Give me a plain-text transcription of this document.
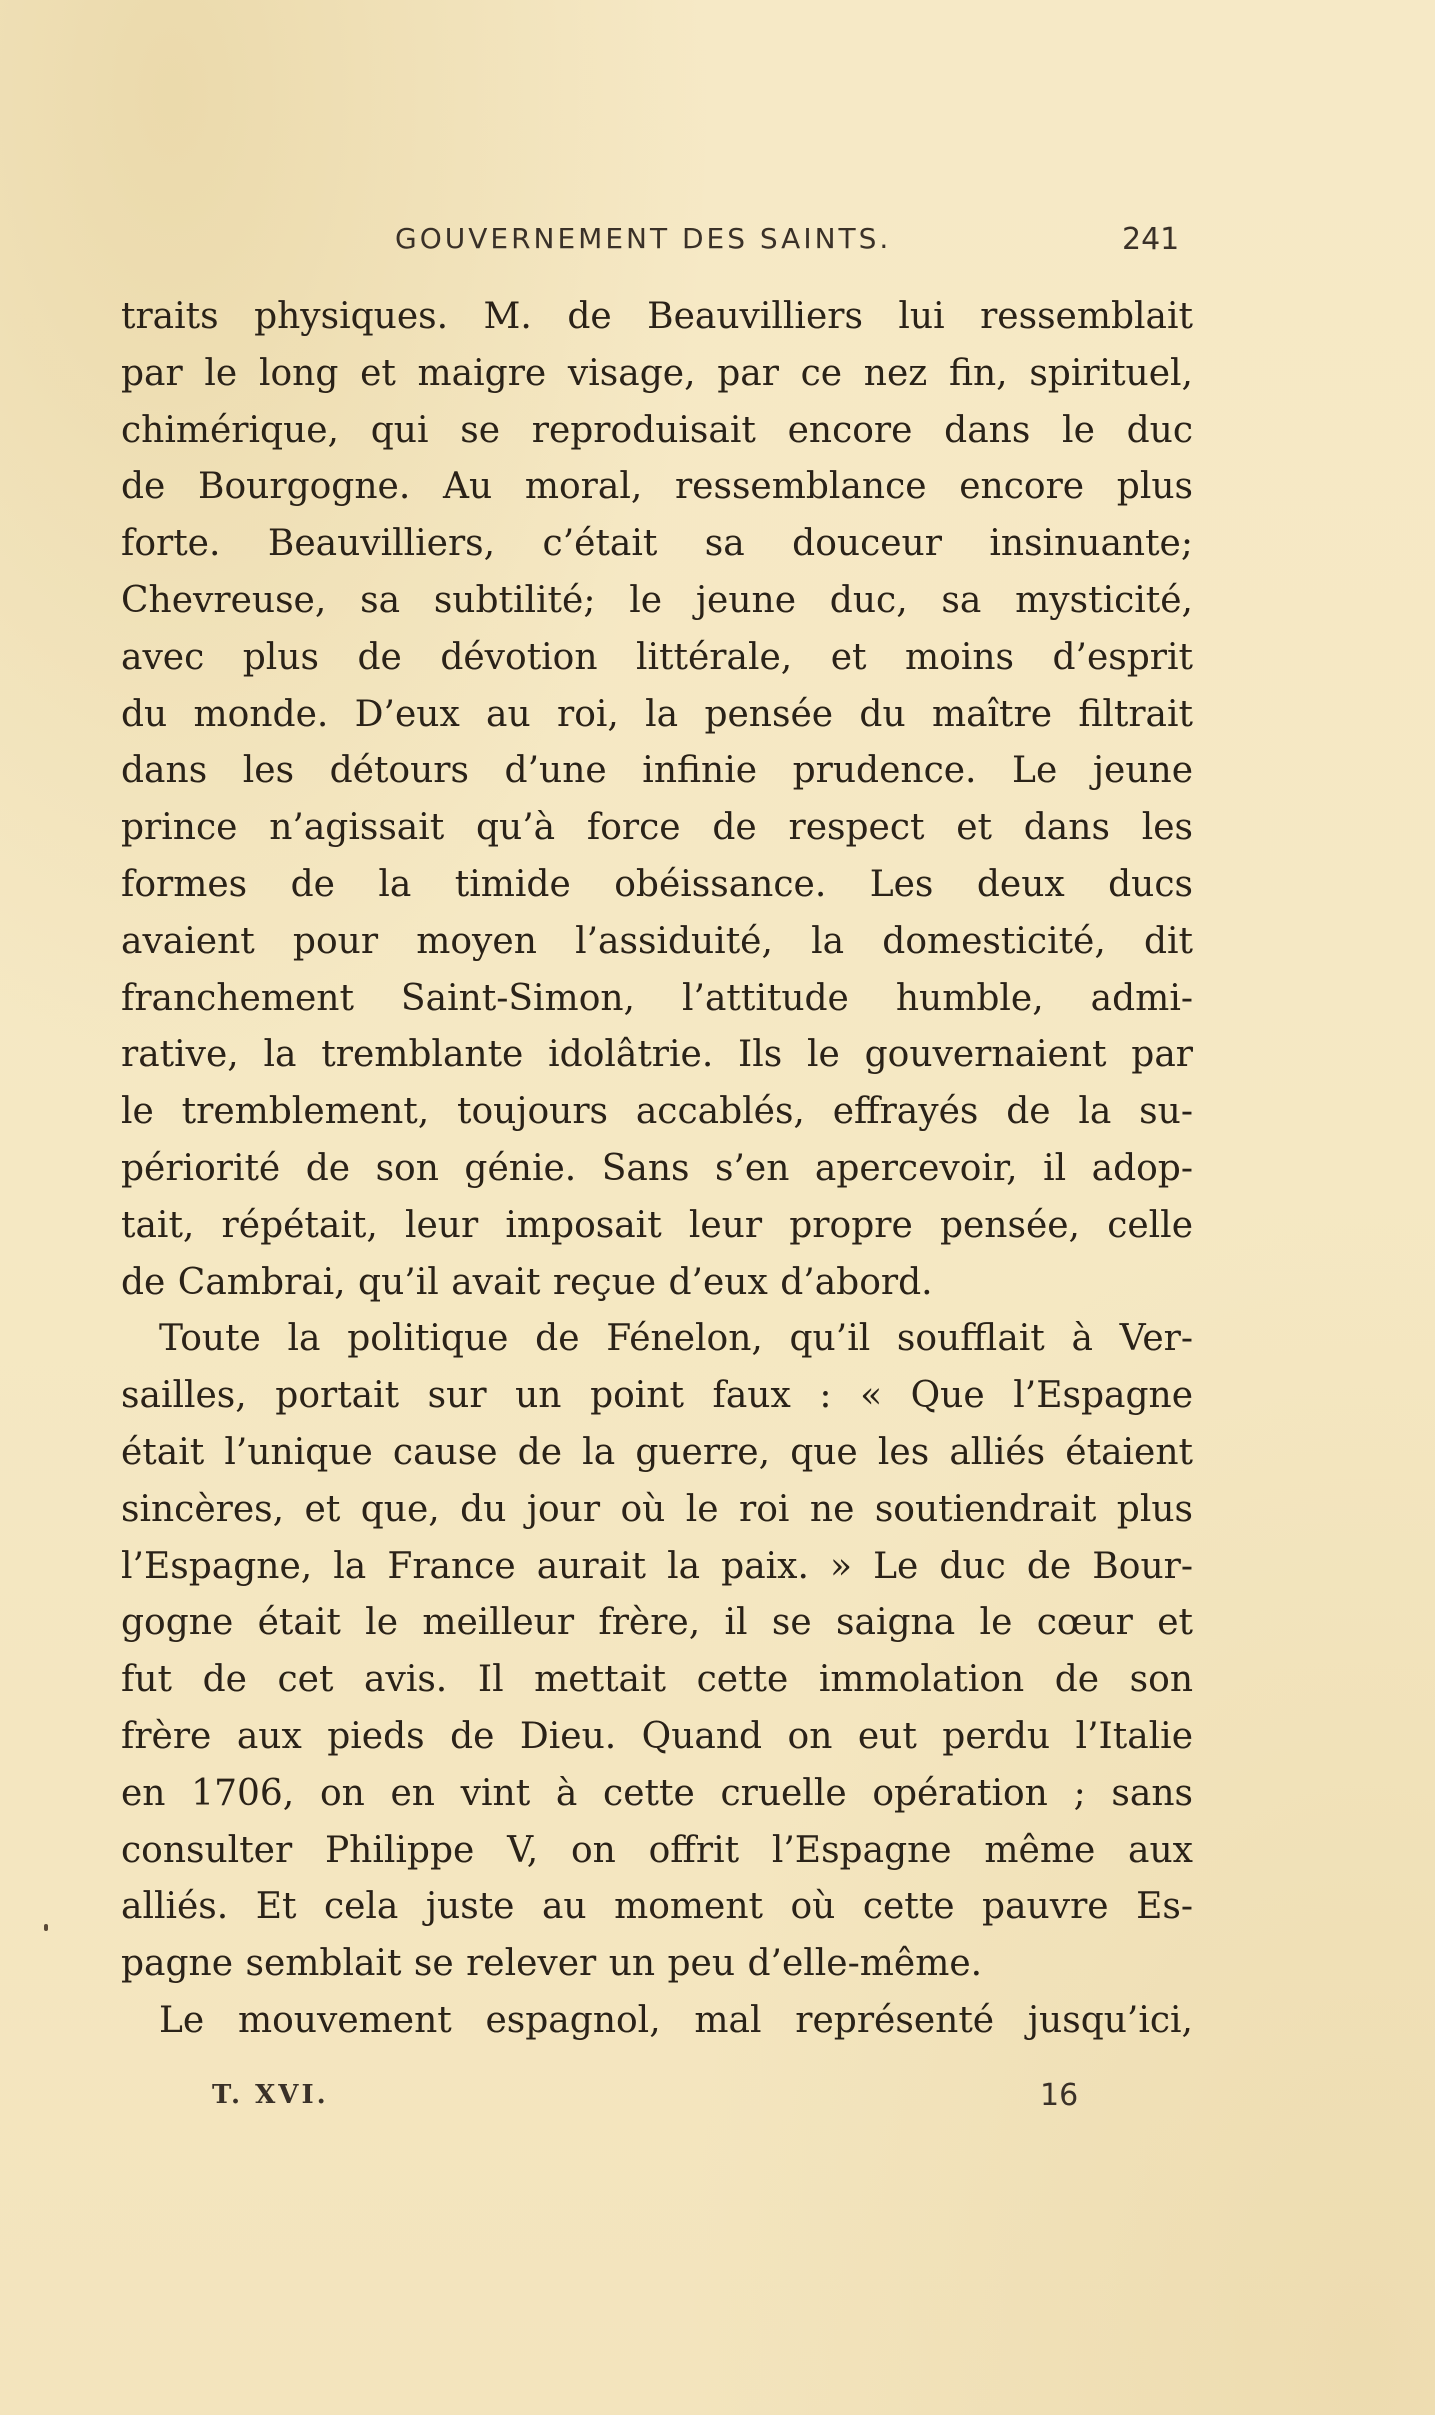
GOUVERNEMENT DES SAINTS.	241
traits physiques. M. de Beauvilliers lui ressemblait
par le long et maigre visage, par ce nez fin, spirituel,
chimérique, qui se reproduisait encore dans le duc
de Bourgogne. Au moral, ressemblance encore plus
forte. Beauvilliers, c’était sa douceur insinuante;
Chevreuse, sa subtilité; le jeune duc, sa mysticité,
avec plus de dévotion littérale, et moins d’esprit
du monde. D’eux au roi, la pensée du maître filtrait
dans les détours d’une infinie prudence. Le jeune
prince n’agissait qu’à force de respect et dans les
formes de la timide obéissance. Les deux ducs
avaient pour moyen l’assiduité, la domesticité, dit
franchement Saint-Simon, l’attitude humble, admi-
rative, la tremblante idolâtrie. Ils le gouvernaient par
le tremblement, toujours accablés, effrayés de la su-
périorité de son génie. Sans s’en apercevoir, il adop-
tait, répétait, leur imposait leur propre pensée, celle
de Cambrai, qu’il avait reçue d’eux d’abord.
Toute la politique de Fénelon, qu’il soufflait à Ver-
sailles, portait sur un point faux : « Que l’Espagne
était l’unique cause de la guerre, que les alliés étaient
sincères, et que, du jour où le roi ne soutiendrait plus
l’Espagne, la France aurait la paix. » Le duc de Bour-
gogne était le meilleur frère, il se saigna le cœur et
fut de cet avis. Il mettait cette immolation de son
frère aux pieds de Dieu. Quand on eut perdu l’Italie
en 1706, on en vint à cette cruelle opération ; sans
consulter Philippe V, on offrit l’Espagne même aux
alliés. Et cela juste au moment où cette pauvre Es-
pagne semblait se relever un peu d’elle-même.
Le mouvement espagnol, mal représenté jusqu’ici,
T. XVI.	16
